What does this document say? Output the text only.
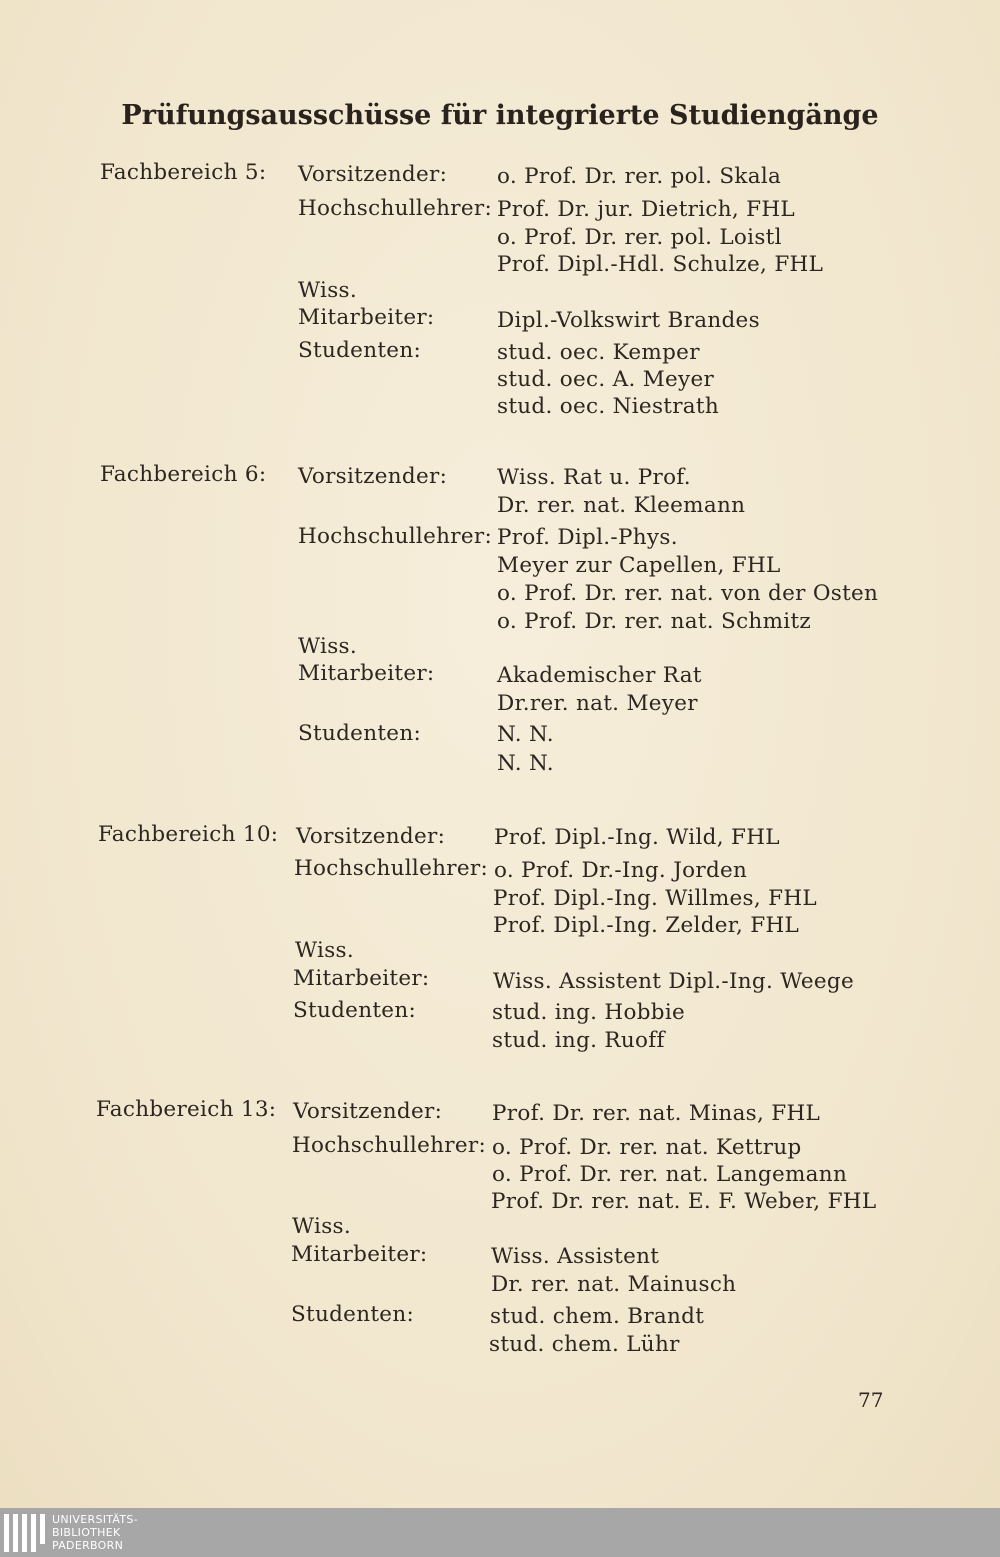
Prüfungsausschüsse für integrierte Studiengänge
Fachbereich 5: Vorsitzender: o. Prof. Dr. rer. pol. Skala
Hochschullehrer: Prof. Dr. jur. Dietrich, FHL
o. Prof. Dr. rer. pol. Loistl
Prof. Dipl.-Hdl. Schulze, FHL
Wiss.
Mitarbeiter:	Dipl.-Volkswirt Brandes
Studenten:	stud. oec. Kemper
stud. oec. A. Meyer
stud. oec. Niestrath
Fachbereich 6: Vorsitzender: Wiss. Rat u. Prof.
Dr. rer. nat. Kleemann
Hochschullehrer: Prof. Dipl.-Phys.
Meyer zur Capellen, FHL
o. Prof. Dr. rer. nat. von der Osten
o. Prof. Dr. rer. nat. Schmitz
Wiss.
Mitarbeiter:	Akademischer Rat
Dr.rer. nat. Meyer
Studenten:	N. N.
N. N.
Fachbereich 10: Vorsitzender: Prof. Dipl.-Ing. Wild, FHL
Hochschullehrer: o. Prof. Dr.-Ing. Jorden
Prof. Dipl.-Ing. Willmes, FHL
Prof. Dipl.-Ing. Zelder, FHL
Wiss.
Mitarbeiter:	Wiss. Assistent Dipl.-Ing. Weege
Studenten:	stud. ing. Hobbie
stud. ing. Ruoff
Fachbereich 13: Vorsitzender: Prof. Dr. rer. nat. Minas, FHL
Hochschullehrer: o. Prof. Dr. rer. nat. Kettrup
o. Prof. Dr. rer. nat. Langemann
Prof. Dr. rer. nat. E. F. Weber, FHL
Wiss.
Mitarbeiter:	Wiss. Assistent
Dr. rer. nat. Mainusch
Studenten:	stud. chem. Brandt
stud. chem. Lühr
77
UNIVERSITÄTS-
BIBLIOTHEK
PADERBORN
